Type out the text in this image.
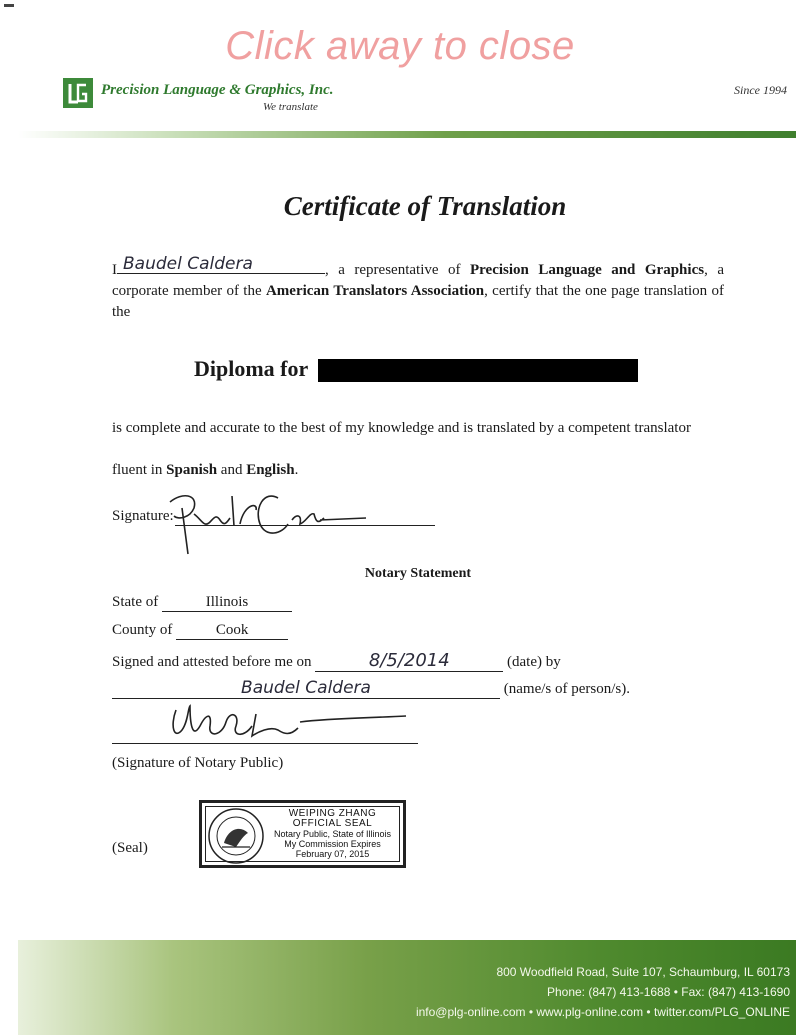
Click away to close
Precision Language & Graphics, Inc.
We translate
Since 1994
Certificate of Translation
I Baudel Caldera	, a representative of Precision Language and Graphics, a corporate member of the American Translators Association, certify that the one page translation of the
Diploma for
is complete and accurate to the best of my knowledge and is translated by a competent translator
fluent in Spanish and English.
Signature:
Notary Statement
State of	Illinois
County of	Cook
Signed and attested before me on	8/5/2014	(date) by
Baudel Caldera	(name/s of person/s).
(Signature of Notary Public)
(Seal)
WEIPING ZHANG
OFFICIAL SEAL
Notary Public, State of Illinois
My Commission Expires
February 07, 2015
800 Woodfield Road, Suite 107, Schaumburg, IL 60173
Phone: (847) 413-1688 • Fax: (847) 413-1690
info@plg-online.com • www.plg-online.com • twitter.com/PLG_ONLINE
